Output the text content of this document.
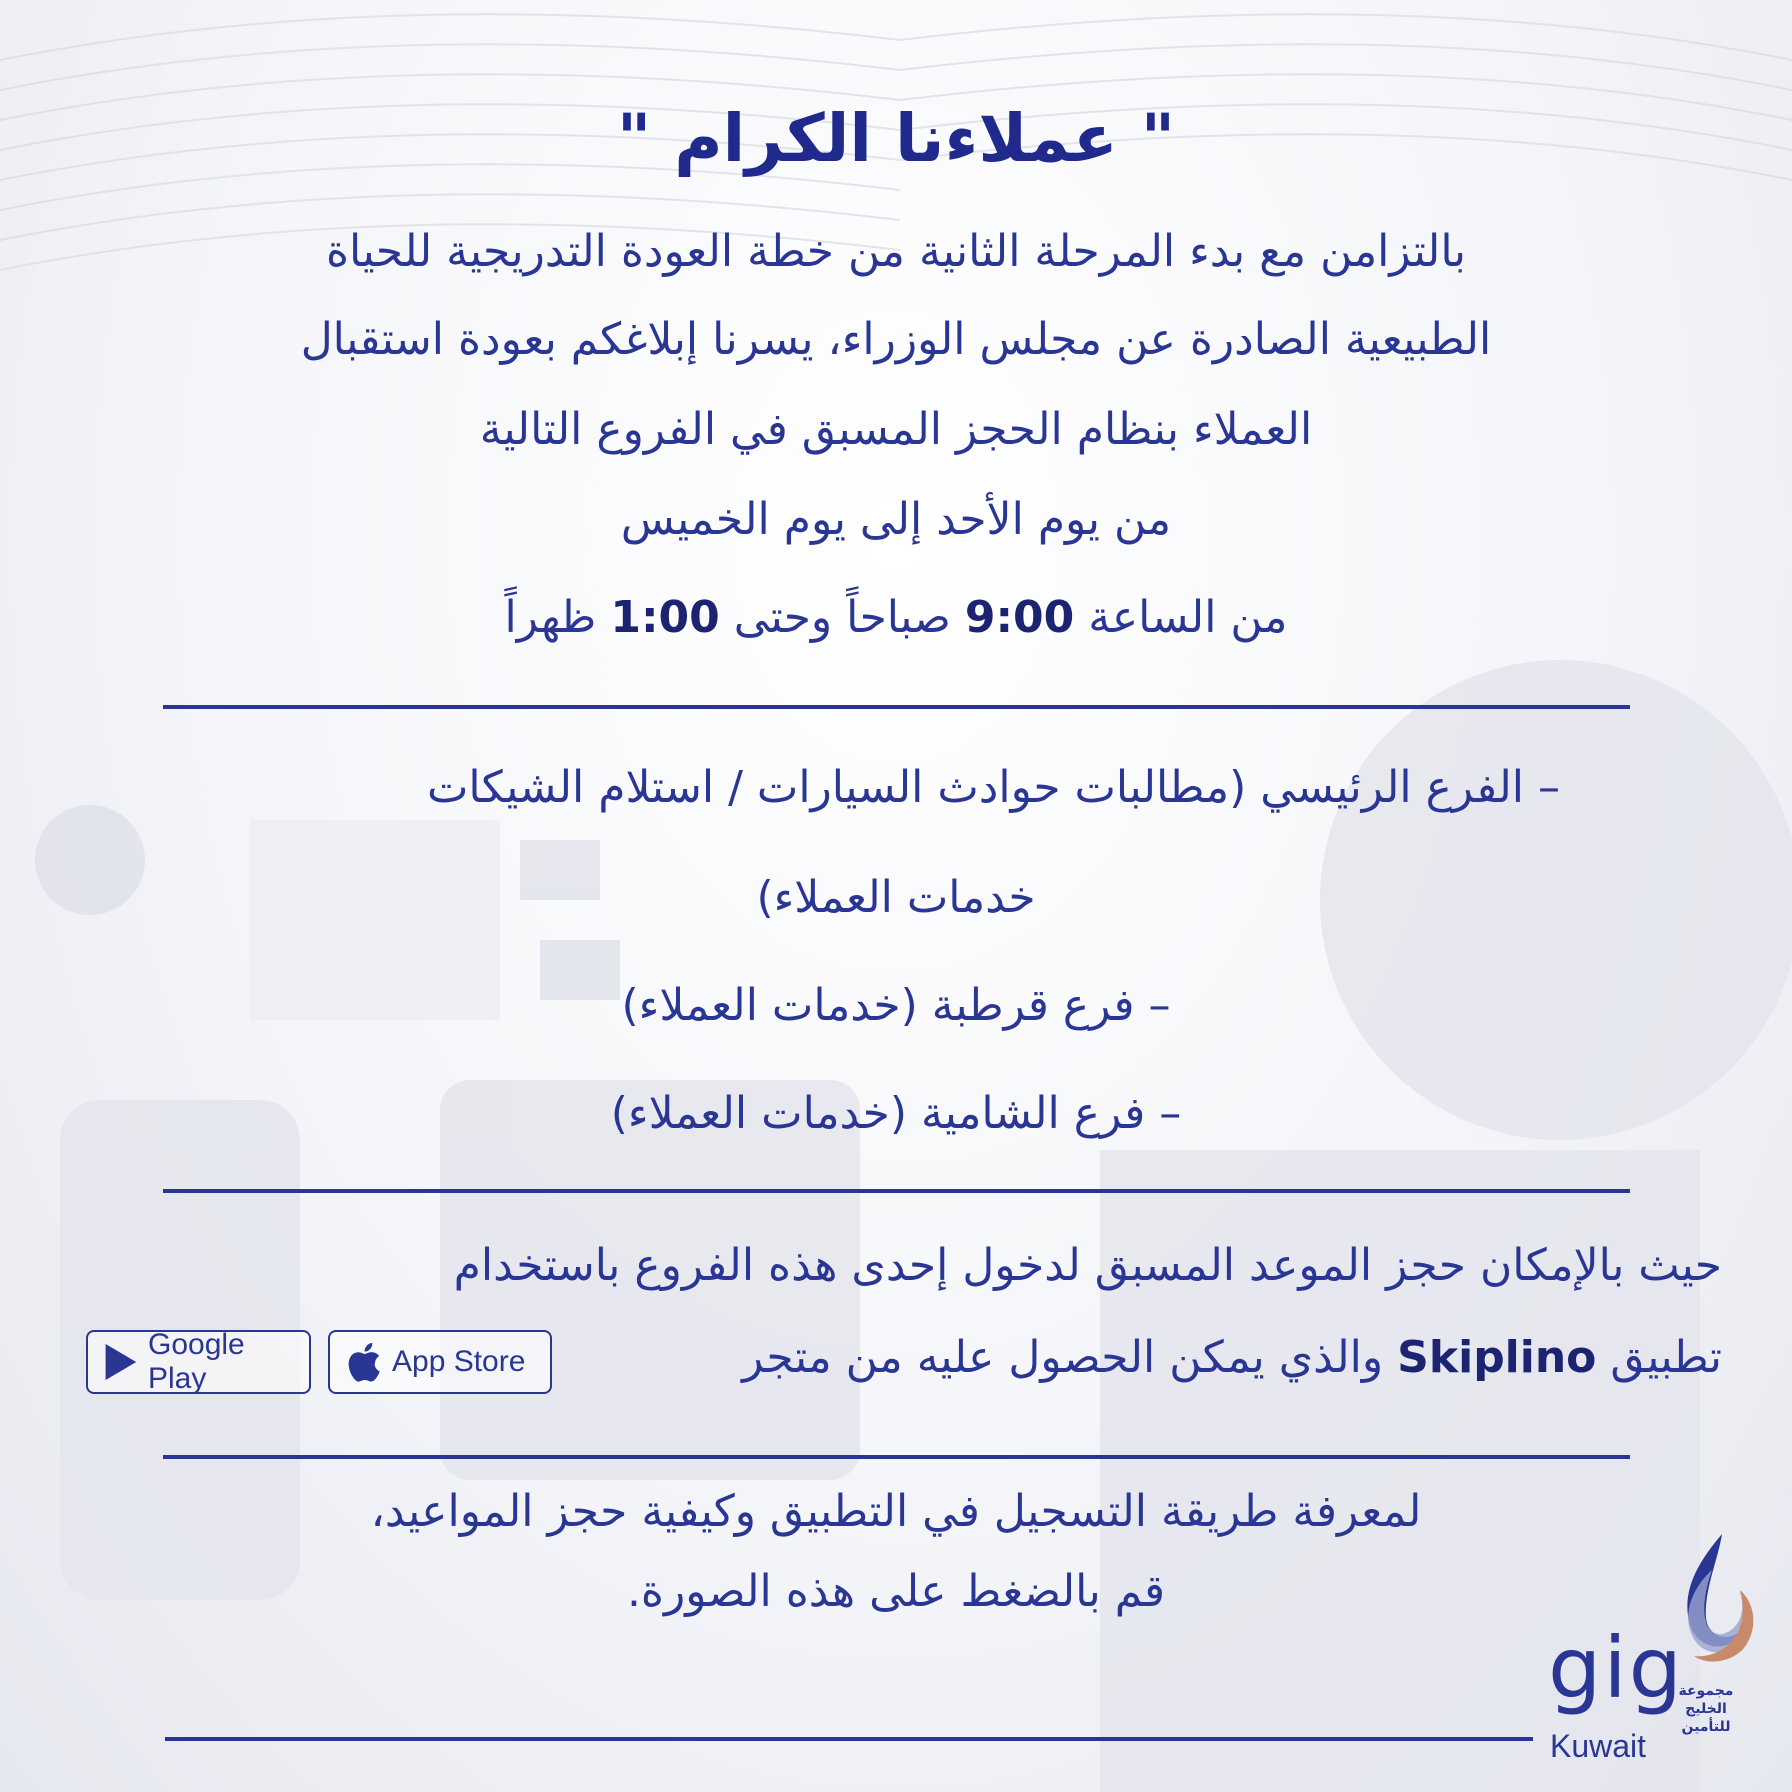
" عملاءنا الكرام "
بالتزامن مع بدء المرحلة الثانية من خطة العودة التدريجية للحياة
الطبيعية الصادرة عن مجلس الوزراء، يسرنا إبلاغكم بعودة استقبال
العملاء بنظام الحجز المسبق في الفروع التالية
من يوم الأحد إلى يوم الخميس
من الساعة 9:00 صباحاً وحتى 1:00 ظهراً
– الفرع الرئيسي (مطالبات حوادث السيارات / استلام الشيكات
خدمات العملاء)
– فرع قرطبة (خدمات العملاء)
– فرع الشامية (خدمات العملاء)
حيث بالإمكان حجز الموعد المسبق لدخول إحدى هذه الفروع باستخدام
تطبيق Skiplino والذي يمكن الحصول عليه من متجر
App Store
Google Play
لمعرفة طريقة التسجيل في التطبيق وكيفية حجز المواعيد،
قم بالضغط على هذه الصورة.
gig
Kuwait
مجموعة الخليج للتأمين
